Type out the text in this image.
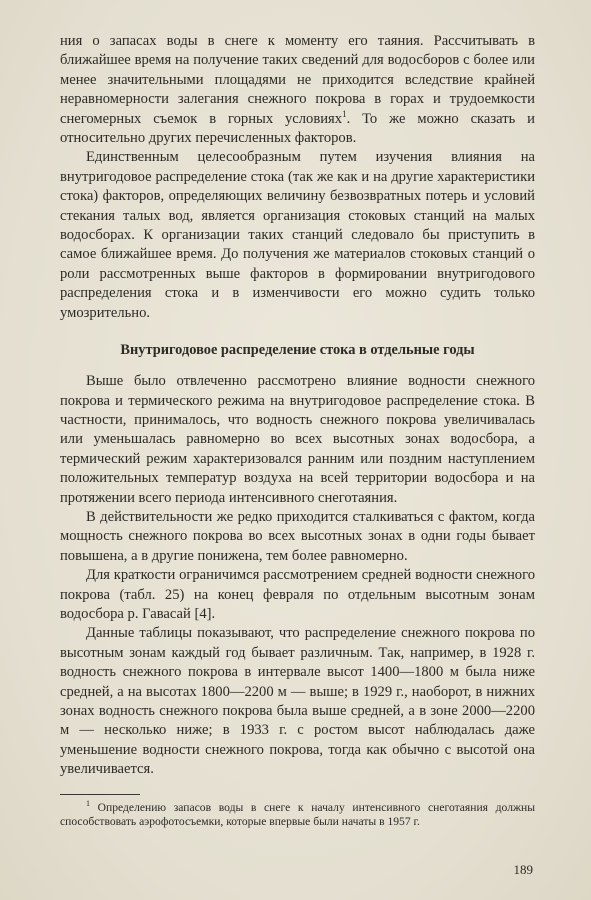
ния о запасах воды в снеге к моменту его таяния. Рассчитывать в ближайшее время на получение таких сведений для водосборов с более или менее значительными площадями не приходится вследствие крайней неравномерности залегания снежного покрова в горах и трудоемкости снегомерных съемок в горных условиях$^1$. То же можно сказать и относительно других перечисленных факторов.

Единственным целесообразным путем изучения влияния на внутригодовое распределение стока (так же как и на другие характеристики стока) факторов, определяющих величину безвозвратных потерь и условий стекания талых вод, является организация стоковых станций на малых водосборах. К организации таких станций следовало бы приступить в самое ближайшее время. До получения же материалов стоковых станций о роли рассмотренных выше факторов в формировании внутригодового распределения стока и в изменчивости его можно судить только умозрительно.

Внутригодовое распределение стока в отдельные годы

Выше было отвлеченно рассмотрено влияние водности снежного покрова и термического режима на внутригодовое распределение стока. В частности, принималось, что водность снежного покрова увеличивалась или уменьшалась равномерно во всех высотных зонах водосбора, а термический режим характеризовался ранним или поздним наступлением положительных температур воздуха на всей территории водосбора и на протяжении всего периода интенсивного снеготаяния.

В действительности же редко приходится сталкиваться с фактом, когда мощность снежного покрова во всех высотных зонах в одни годы бывает повышена, а в другие понижена, тем более равномерно.

Для краткости ограничимся рассмотрением средней водности снежного покрова (табл. 25) на конец февраля по отдельным высотным зонам водосбора р. Гавасай [4].

Данные таблицы показывают, что распределение снежного покрова по высотным зонам каждый год бывает различным. Так, например, в 1928 г. водность снежного покрова в интервале высот 1400—1800 м была ниже средней, а на высотах 1800—2200 м — выше; в 1929 г., наоборот, в нижних зонах водность снежного покрова была выше средней, а в зоне 2000—2200 м — несколько ниже; в 1933 г. с ростом высот наблюдалась даже уменьшение водности снежного покрова, тогда как обычно с высотой она увеличивается.

$^1$ Определению запасов воды в снеге к началу интенсивного снеготаяния должны способствовать аэрофотосъемки, которые впервые были начаты в 1957 г.

189
